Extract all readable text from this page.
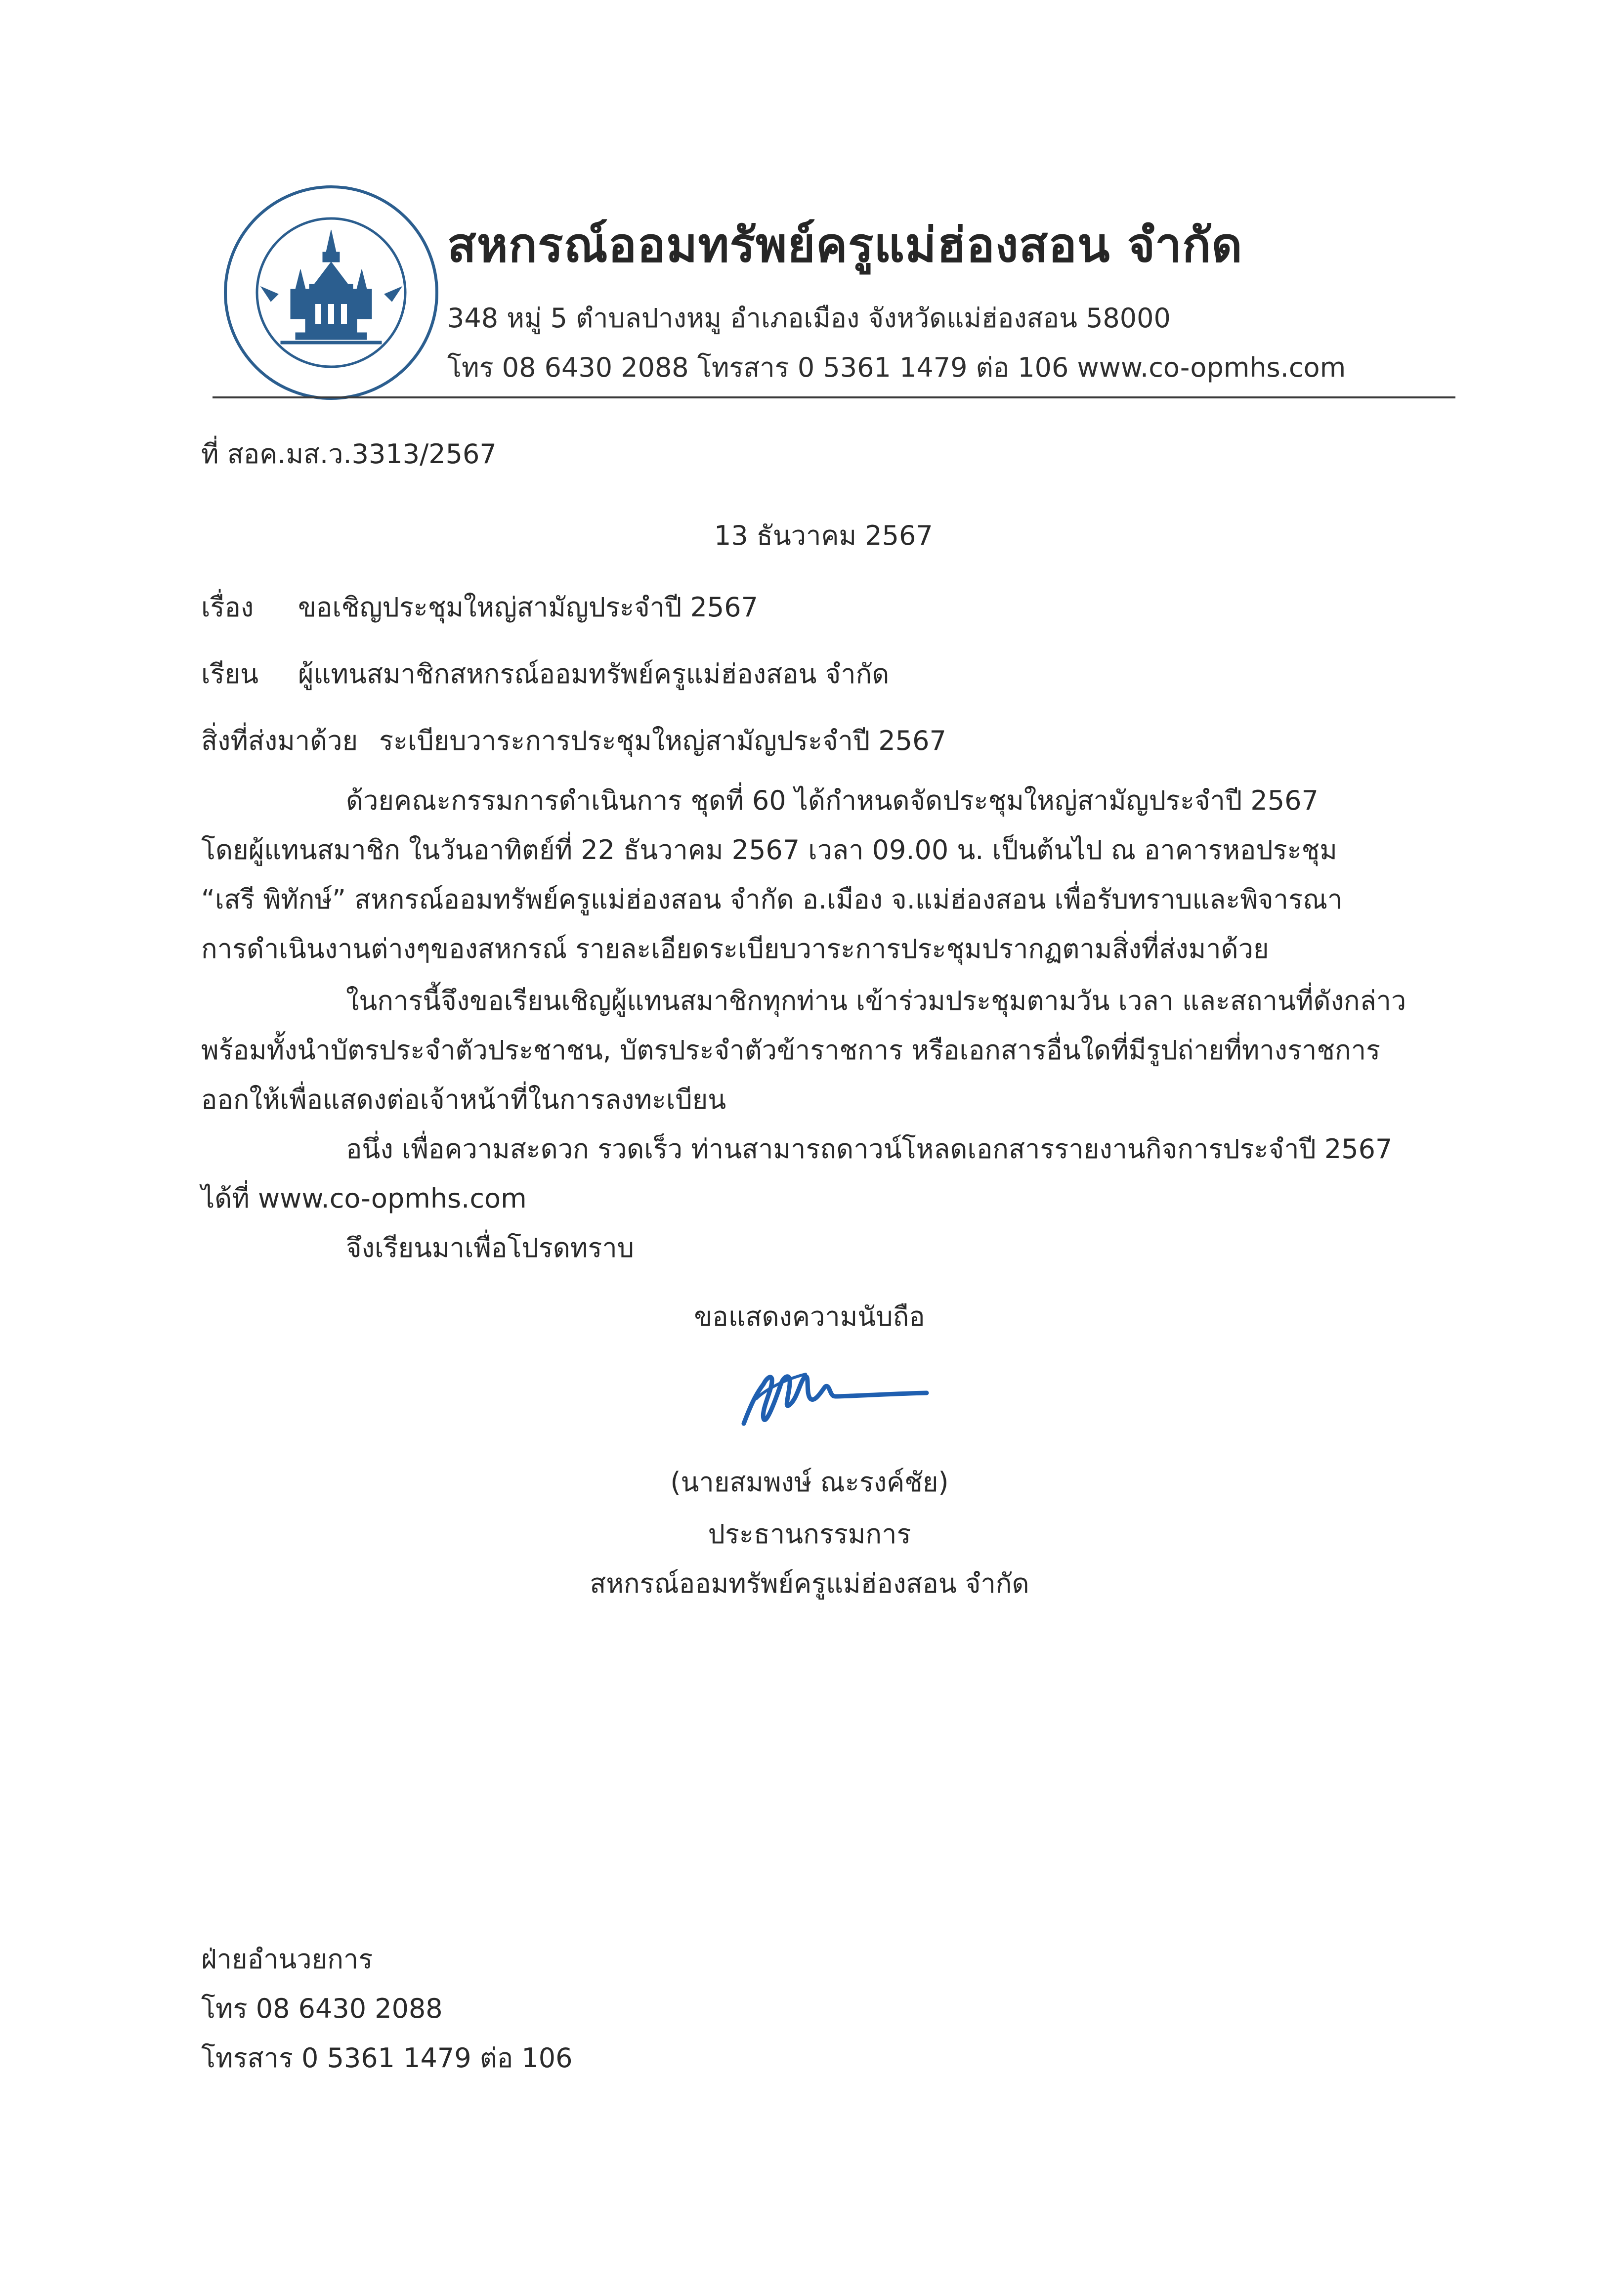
สหกรณ์ออมทรัพย์ครูแม่ฮ่องสอน จำกัด
348 หมู่ 5 ตำบลปางหมู อำเภอเมือง จังหวัดแม่ฮ่องสอน 58000
โทร 08 6430 2088 โทรสาร 0 5361 1479 ต่อ 106 www.co-opmhs.com
ที่ สอค.มส.ว.3313/2567
13 ธันวาคม 2567
เรื่อง ขอเชิญประชุมใหญ่สามัญประจำปี 2567
เรียน ผู้แทนสมาชิกสหกรณ์ออมทรัพย์ครูแม่ฮ่องสอน จำกัด
สิ่งที่ส่งมาด้วย ระเบียบวาระการประชุมใหญ่สามัญประจำปี 2567
ด้วยคณะกรรมการดำเนินการ ชุดที่ 60 ได้กำหนดจัดประชุมใหญ่สามัญประจำปี 2567
โดยผู้แทนสมาชิก ในวันอาทิตย์ที่ 22 ธันวาคม 2567 เวลา 09.00 น. เป็นต้นไป ณ อาคารหอประชุม
“เสรี พิทักษ์” สหกรณ์ออมทรัพย์ครูแม่ฮ่องสอน จำกัด อ.เมือง จ.แม่ฮ่องสอน เพื่อรับทราบและพิจารณา
การดำเนินงานต่างๆของสหกรณ์ รายละเอียดระเบียบวาระการประชุมปรากฏตามสิ่งที่ส่งมาด้วย
ในการนี้จึงขอเรียนเชิญผู้แทนสมาชิกทุกท่าน เข้าร่วมประชุมตามวัน เวลา และสถานที่ดังกล่าว
พร้อมทั้งนำบัตรประจำตัวประชาชน, บัตรประจำตัวข้าราชการ หรือเอกสารอื่นใดที่มีรูปถ่ายที่ทางราชการ
ออกให้เพื่อแสดงต่อเจ้าหน้าที่ในการลงทะเบียน
อนึ่ง เพื่อความสะดวก รวดเร็ว ท่านสามารถดาวน์โหลดเอกสารรายงานกิจการประจำปี 2567
ได้ที่ www.co-opmhs.com
จึงเรียนมาเพื่อโปรดทราบ
ขอแสดงความนับถือ
(นายสมพงษ์ ณะรงค์ชัย)
ประธานกรรมการ
สหกรณ์ออมทรัพย์ครูแม่ฮ่องสอน จำกัด
ฝ่ายอำนวยการ
โทร 08 6430 2088
โทรสาร 0 5361 1479 ต่อ 106
